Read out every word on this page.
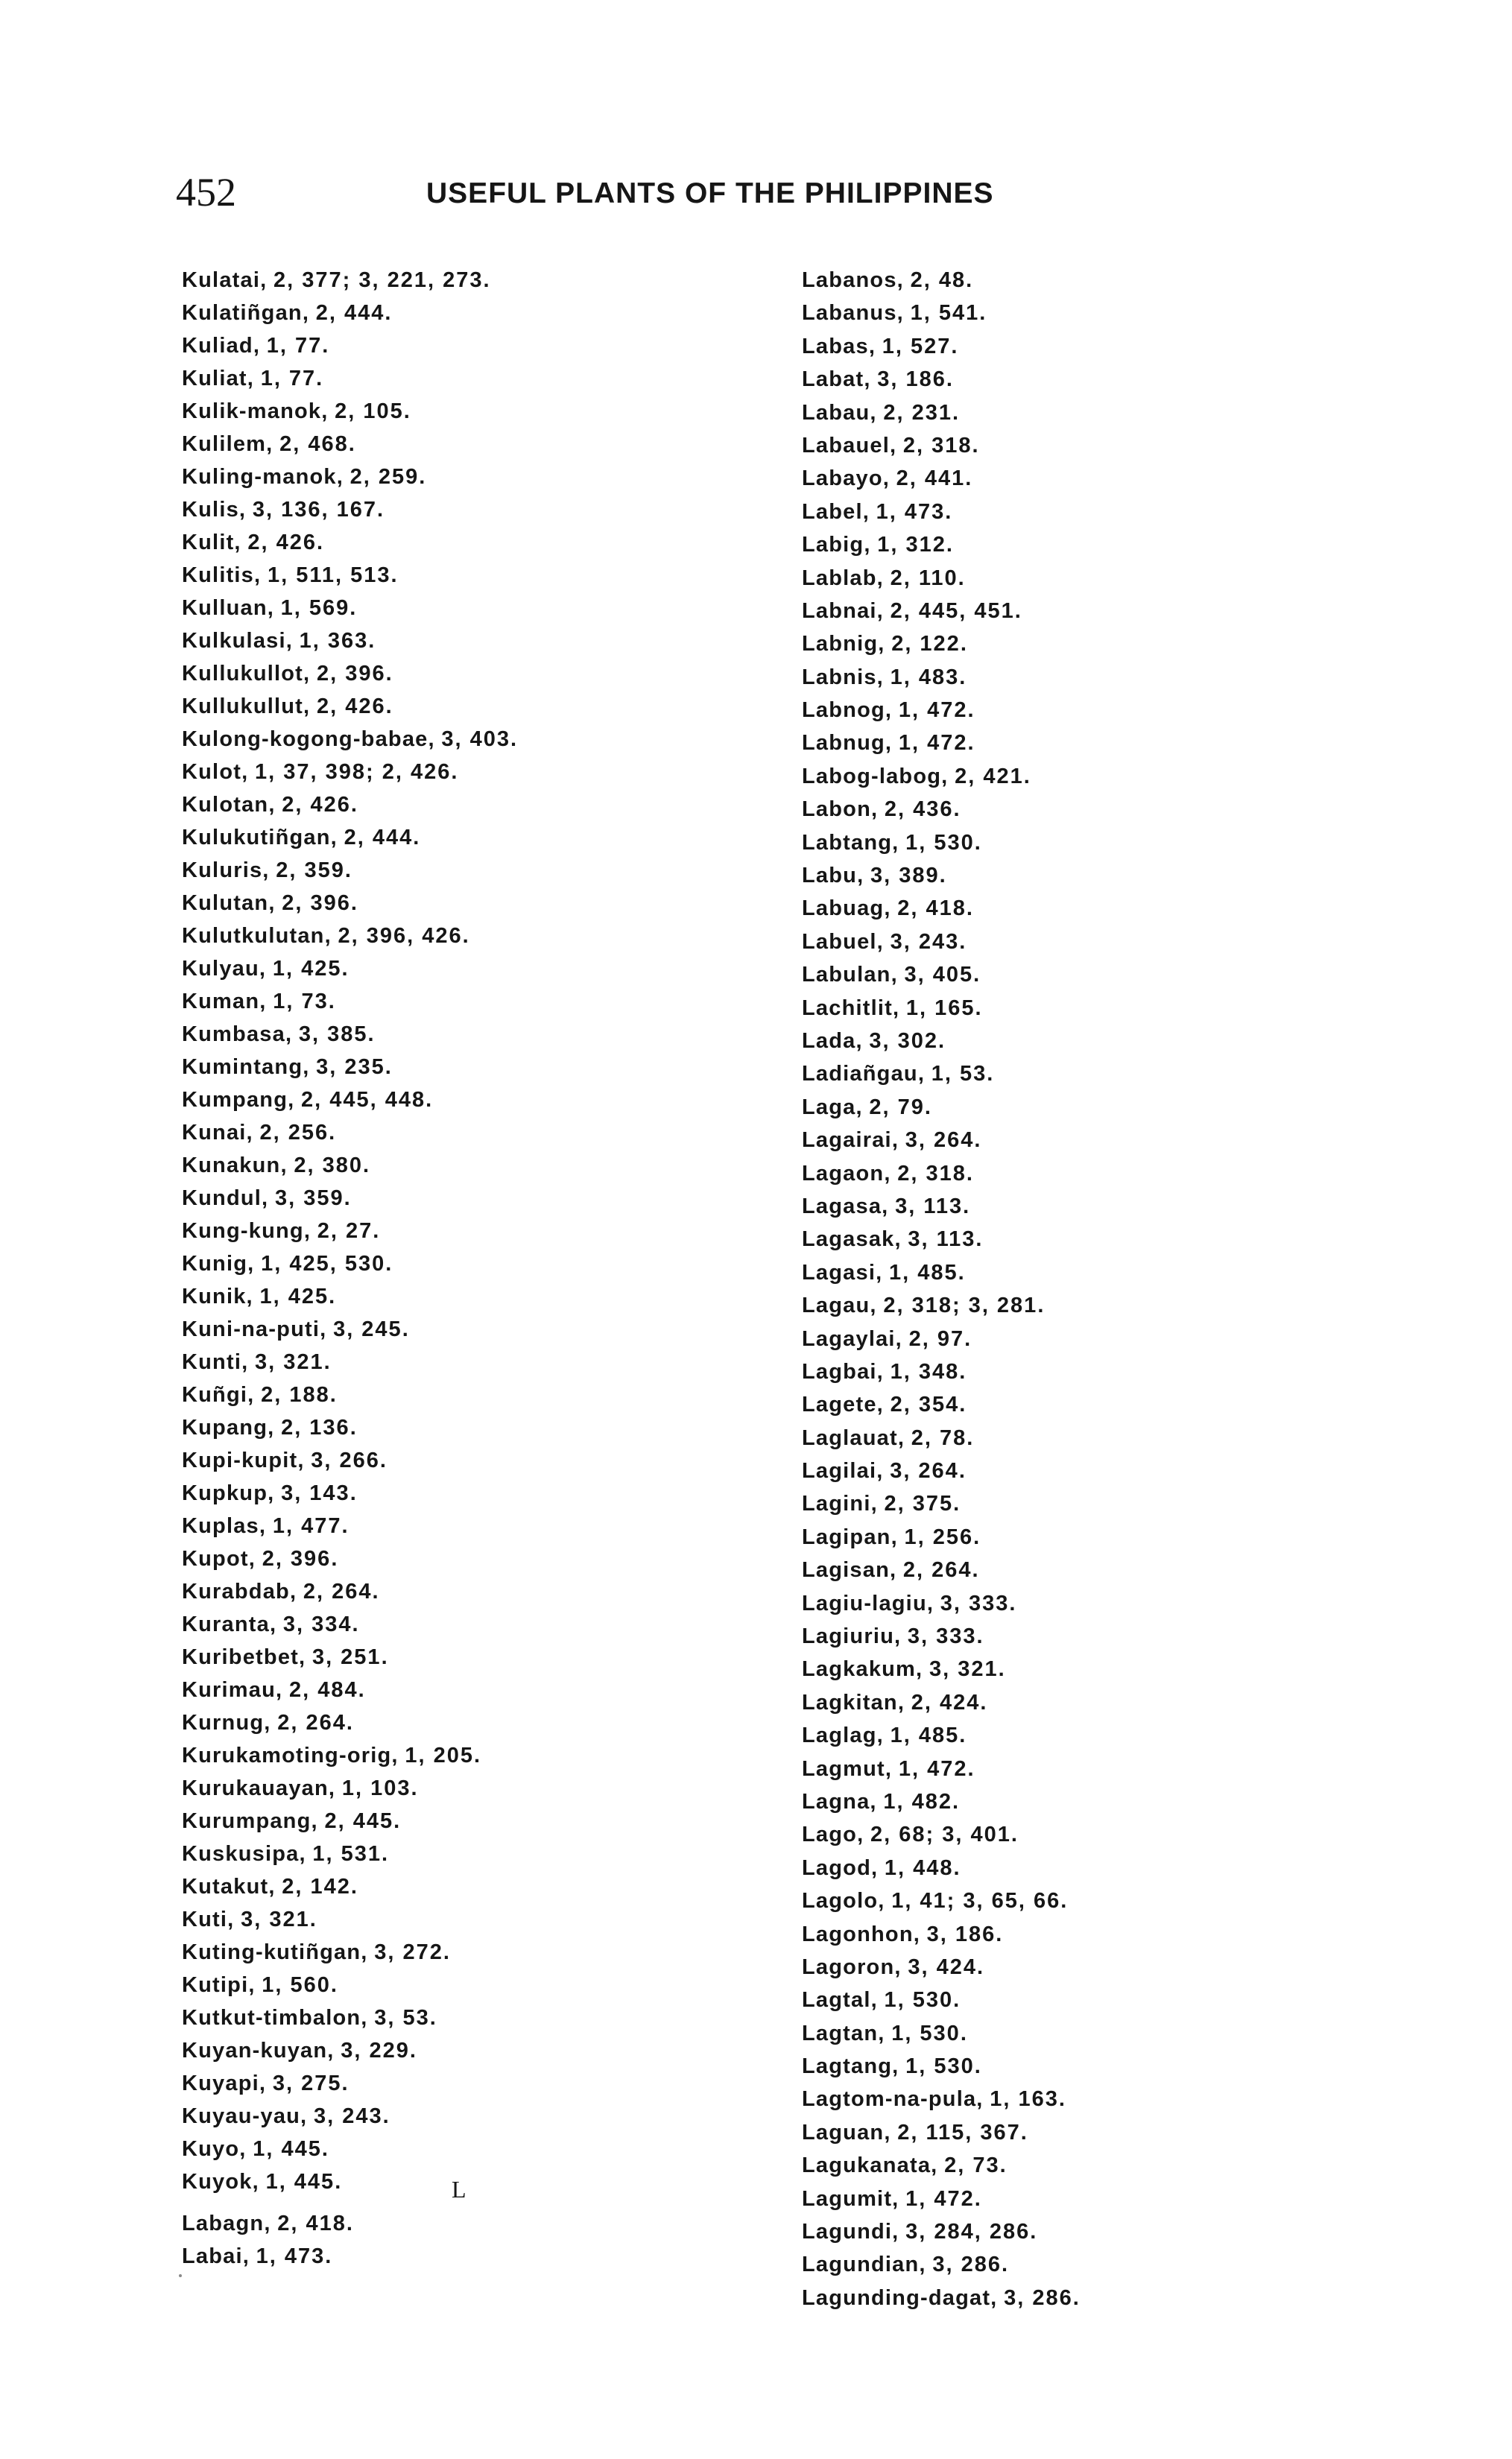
452	USEFUL PLANTS OF THE PHILIPPINES
Kulatai, 2, 377; 3, 221, 273.
Kulatiñgan, 2, 444.
Kuliad, 1, 77.
Kuliat, 1, 77.
Kulik-manok, 2, 105.
Kulilem, 2, 468.
Kuling-manok, 2, 259.
Kulis, 3, 136, 167.
Kulit, 2, 426.
Kulitis, 1, 511, 513.
Kulluan, 1, 569.
Kulkulasi, 1, 363.
Kullukullot, 2, 396.
Kullukullut, 2, 426.
Kulong-kogong-babae, 3, 403.
Kulot, 1, 37, 398; 2, 426.
Kulotan, 2, 426.
Kulukutiñgan, 2, 444.
Kuluris, 2, 359.
Kulutan, 2, 396.
Kulutkulutan, 2, 396, 426.
Kulyau, 1, 425.
Kuman, 1, 73.
Kumbasa, 3, 385.
Kumintang, 3, 235.
Kumpang, 2, 445, 448.
Kunai, 2, 256.
Kunakun, 2, 380.
Kundul, 3, 359.
Kung-kung, 2, 27.
Kunig, 1, 425, 530.
Kunik, 1, 425.
Kuni-na-puti, 3, 245.
Kunti, 3, 321.
Kuñgi, 2, 188.
Kupang, 2, 136.
Kupi-kupit, 3, 266.
Kupkup, 3, 143.
Kuplas, 1, 477.
Kupot, 2, 396.
Kurabdab, 2, 264.
Kuranta, 3, 334.
Kuribetbet, 3, 251.
Kurimau, 2, 484.
Kurnug, 2, 264.
Kurukamoting-orig, 1, 205.
Kurukauayan, 1, 103.
Kurumpang, 2, 445.
Kuskusipa, 1, 531.
Kutakut, 2, 142.
Kuti, 3, 321.
Kuting-kutiñgan, 3, 272.
Kutipi, 1, 560.
Kutkut-timbalon, 3, 53.
Kuyan-kuyan, 3, 229.
Kuyapi, 3, 275.
Kuyau-yau, 3, 243.
Kuyo, 1, 445.
Kuyok, 1, 445.	L
Labagn, 2, 418.
Labai, 1, 473.
Labanos, 2, 48.
Labanus, 1, 541.
Labas, 1, 527.
Labat, 3, 186.
Labau, 2, 231.
Labauel, 2, 318.
Labayo, 2, 441.
Label, 1, 473.
Labig, 1, 312.
Lablab, 2, 110.
Labnai, 2, 445, 451.
Labnig, 2, 122.
Labnis, 1, 483.
Labnog, 1, 472.
Labnug, 1, 472.
Labog-labog, 2, 421.
Labon, 2, 436.
Labtang, 1, 530.
Labu, 3, 389.
Labuag, 2, 418.
Labuel, 3, 243.
Labulan, 3, 405.
Lachitlit, 1, 165.
Lada, 3, 302.
Ladiañgau, 1, 53.
Laga, 2, 79.
Lagairai, 3, 264.
Lagaon, 2, 318.
Lagasa, 3, 113.
Lagasak, 3, 113.
Lagasi, 1, 485.
Lagau, 2, 318; 3, 281.
Lagaylai, 2, 97.
Lagbai, 1, 348.
Lagete, 2, 354.
Laglauat, 2, 78.
Lagilai, 3, 264.
Lagini, 2, 375.
Lagipan, 1, 256.
Lagisan, 2, 264.
Lagiu-lagiu, 3, 333.
Lagiuriu, 3, 333.
Lagkakum, 3, 321.
Lagkitan, 2, 424.
Laglag, 1, 485.
Lagmut, 1, 472.
Lagna, 1, 482.
Lago, 2, 68; 3, 401.
Lagod, 1, 448.
Lagolo, 1, 41; 3, 65, 66.
Lagonhon, 3, 186.
Lagoron, 3, 424.
Lagtal, 1, 530.
Lagtan, 1, 530.
Lagtang, 1, 530.
Lagtom-na-pula, 1, 163.
Laguan, 2, 115, 367.
Lagukanata, 2, 73.
Lagumit, 1, 472.
Lagundi, 3, 284, 286.
Lagundian, 3, 286.
Lagunding-dagat, 3, 286.
